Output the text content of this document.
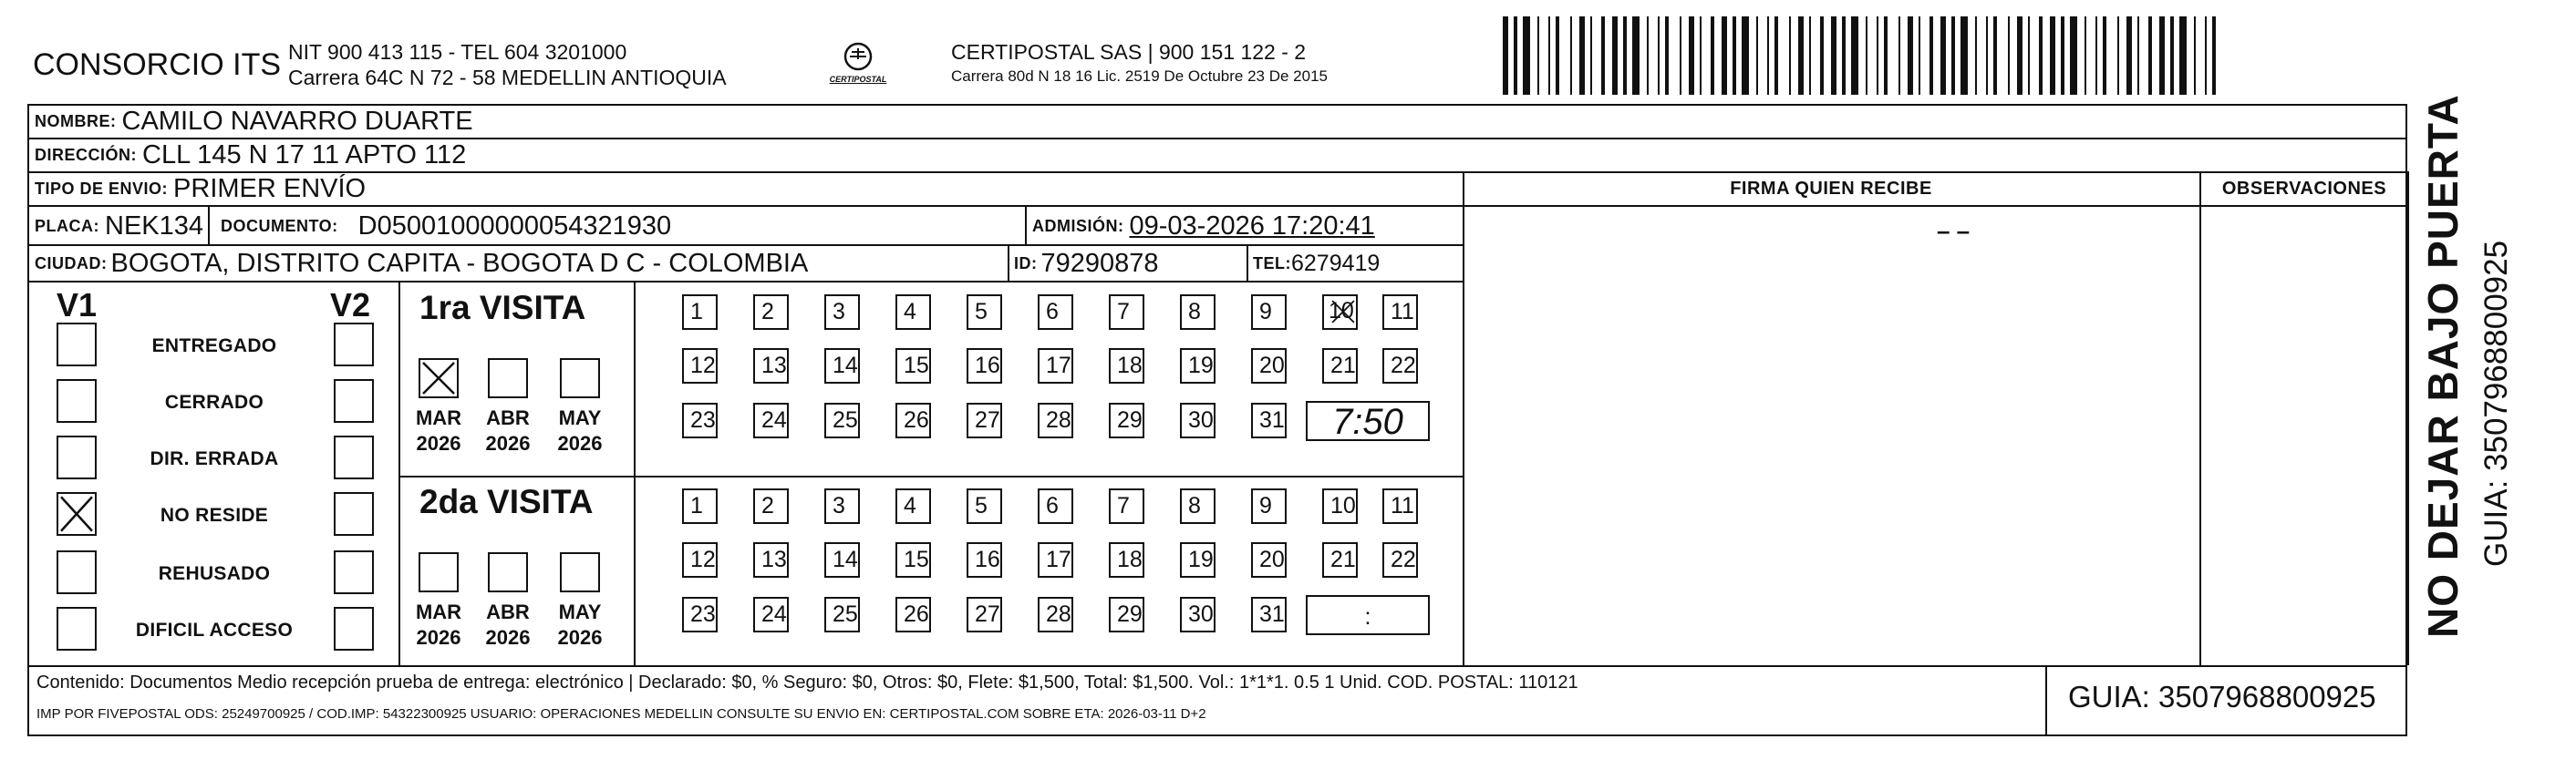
CONSORCIO ITS NIT 900 413 115 - TEL 604 3201000
Carrera 64C N 72 - 58 MEDELLIN ANTIOQUIA	CERTIPOSTAL
CERTIPOSTAL SAS | 900 151 122 - 2
Carrera 80d N 18 16 Lic. 2519 De Octubre 23 De 2015
NOMBRE: CAMILO NAVARRO DUARTE
DIRECCIÓN: CLL 145 N 17 11 APTO 112
TIPO DE ENVIO: PRIMER ENVÍO
PLACA: NEK134 DOCUMENTO: D05001000000054321930	ADMISIÓN: 09-03-2026 17:20:41
CIUDAD: BOGOTA, DISTRITO CAPITA - BOGOTA D C - COLOMBIA	ID: 79290878	TEL: 6279419
FIRMA QUIEN RECIBE	OBSERVACIONES
– –
V1	V2
ENTREGADO
CERRADO
DIR. ERRADA
NO RESIDE
REHUSADO
DIFICIL ACCESO
1ra VISITA
MAR
2026
ABR
2026
MAY
2026
1	2	3	4	5	6	7	8	9 10 11
12 13 14 15 16 17 18 19 20 21 22
23 24 25 26 27 28 29 30 31	7:50
2da VISITA
MAR
2026
ABR
2026
MAY
2026
1	2	3	4	5	6	7	8	9	10 11
12 13 14 15 16 17 18 19 20 21 22
23 24 25 26 27 28 29 30 31	:
Contenido: Documentos Medio recepción prueba de entrega: electrónico | Declarado: $0, % Seguro: $0, Otros: $0, Flete: $1,500, Total: $1,500. Vol.: 1*1*1. 0.5 1 Unid. COD. POSTAL: 110121
IMP POR FIVEPOSTAL ODS: 25249700925 / COD.IMP: 54322300925 USUARIO: OPERACIONES MEDELLIN CONSULTE SU ENVIO EN: CERTIPOSTAL.COM SOBRE ETA: 2026-03-11 D+2
GUIA: 3507968800925
NO DEJAR BAJO PUERTA GUIA: 3507968800925
